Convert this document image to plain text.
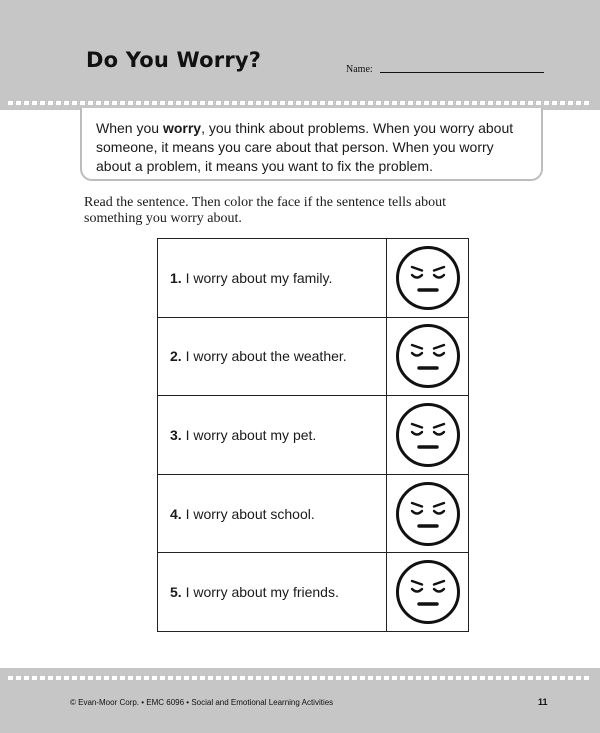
Do You Worry?	Name:
When you worry, you think about problems. When you worry about someone, it means you care about that person. When you worry about a problem, it means you want to fix the problem.
Read the sentence. Then color the face if the sentence tells about something you worry about.
1. I worry about my family.	

2. I worry about the weather.	

3. I worry about my pet.	

4. I worry about school.	

5. I worry about my friends.	
© Evan-Moor Corp. • EMC 6096 • Social and Emotional Learning Activities	11
